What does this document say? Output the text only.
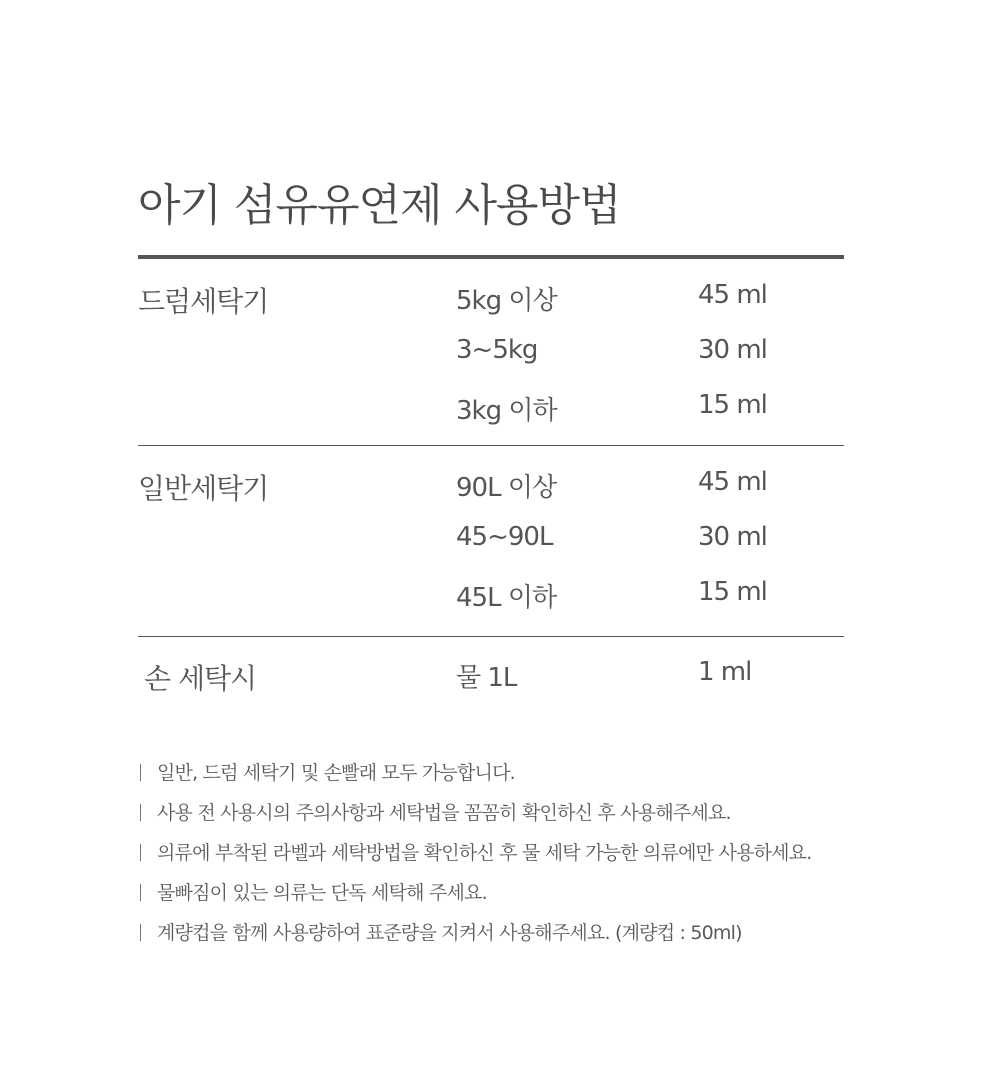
아기 섬유유연제 사용방법
드럼세탁기	5kg 이상	45 ml
3~5kg	30 ml
3kg 이하	15 ml
일반세탁기	90L 이상	45 ml
45~90L	30 ml
45L 이하	15 ml
손 세탁시	물 1L	1 ml
일반, 드럼 세탁기 및 손빨래 모두 가능합니다.
사용 전 사용시의 주의사항과 세탁법을 꼼꼼히 확인하신 후 사용해주세요.
의류에 부착된 라벨과 세탁방법을 확인하신 후 물 세탁 가능한 의류에만 사용하세요.
물빠짐이 있는 의류는 단독 세탁해 주세요.
계량컵을 함께 사용량하여 표준량을 지켜서 사용해주세요. (계량컵 : 50ml)
